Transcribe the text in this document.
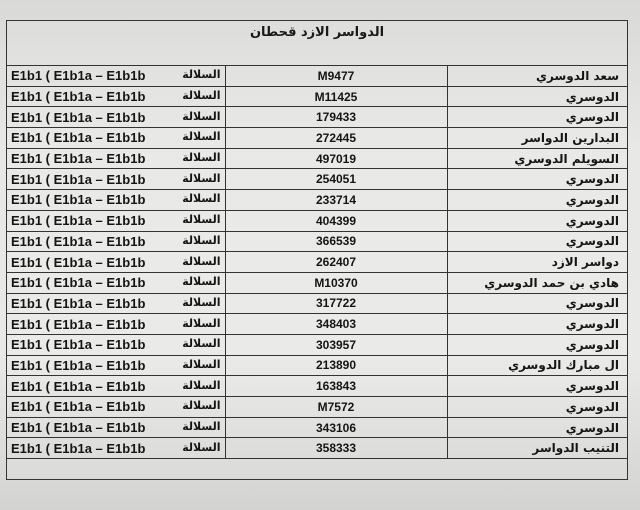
الدواسر الازد قحطان
E1b1 ( E1b1a – E1b1b السلالة	M9477	سعد الدوسري

E1b1 ( E1b1a – E1b1b السلالة	M11425	الدوسري

E1b1 ( E1b1a – E1b1b السلالة	179433	الدوسري

E1b1 ( E1b1a – E1b1b السلالة	272445	البدارين الدواسر

E1b1 ( E1b1a – E1b1b السلالة	497019	السويلم الدوسري

E1b1 ( E1b1a – E1b1b السلالة	254051	الدوسري

E1b1 ( E1b1a – E1b1b السلالة	233714	الدوسري

E1b1 ( E1b1a – E1b1b السلالة	404399	الدوسري

E1b1 ( E1b1a – E1b1b السلالة	366539	الدوسري

E1b1 ( E1b1a – E1b1b السلالة	262407	دواسر الازد

E1b1 ( E1b1a – E1b1b السلالة	M10370	هادي بن حمد الدوسري

E1b1 ( E1b1a – E1b1b السلالة	317722	الدوسري

E1b1 ( E1b1a – E1b1b السلالة	348403	الدوسري

E1b1 ( E1b1a – E1b1b السلالة	303957	الدوسري

E1b1 ( E1b1a – E1b1b السلالة	213890	ال مبارك الدوسري

E1b1 ( E1b1a – E1b1b السلالة	163843	الدوسري

E1b1 ( E1b1a – E1b1b السلالة	M7572	الدوسري

E1b1 ( E1b1a – E1b1b السلالة	343106	الدوسري

E1b1 ( E1b1a – E1b1b السلالة	358333	التنيب الدواسر
